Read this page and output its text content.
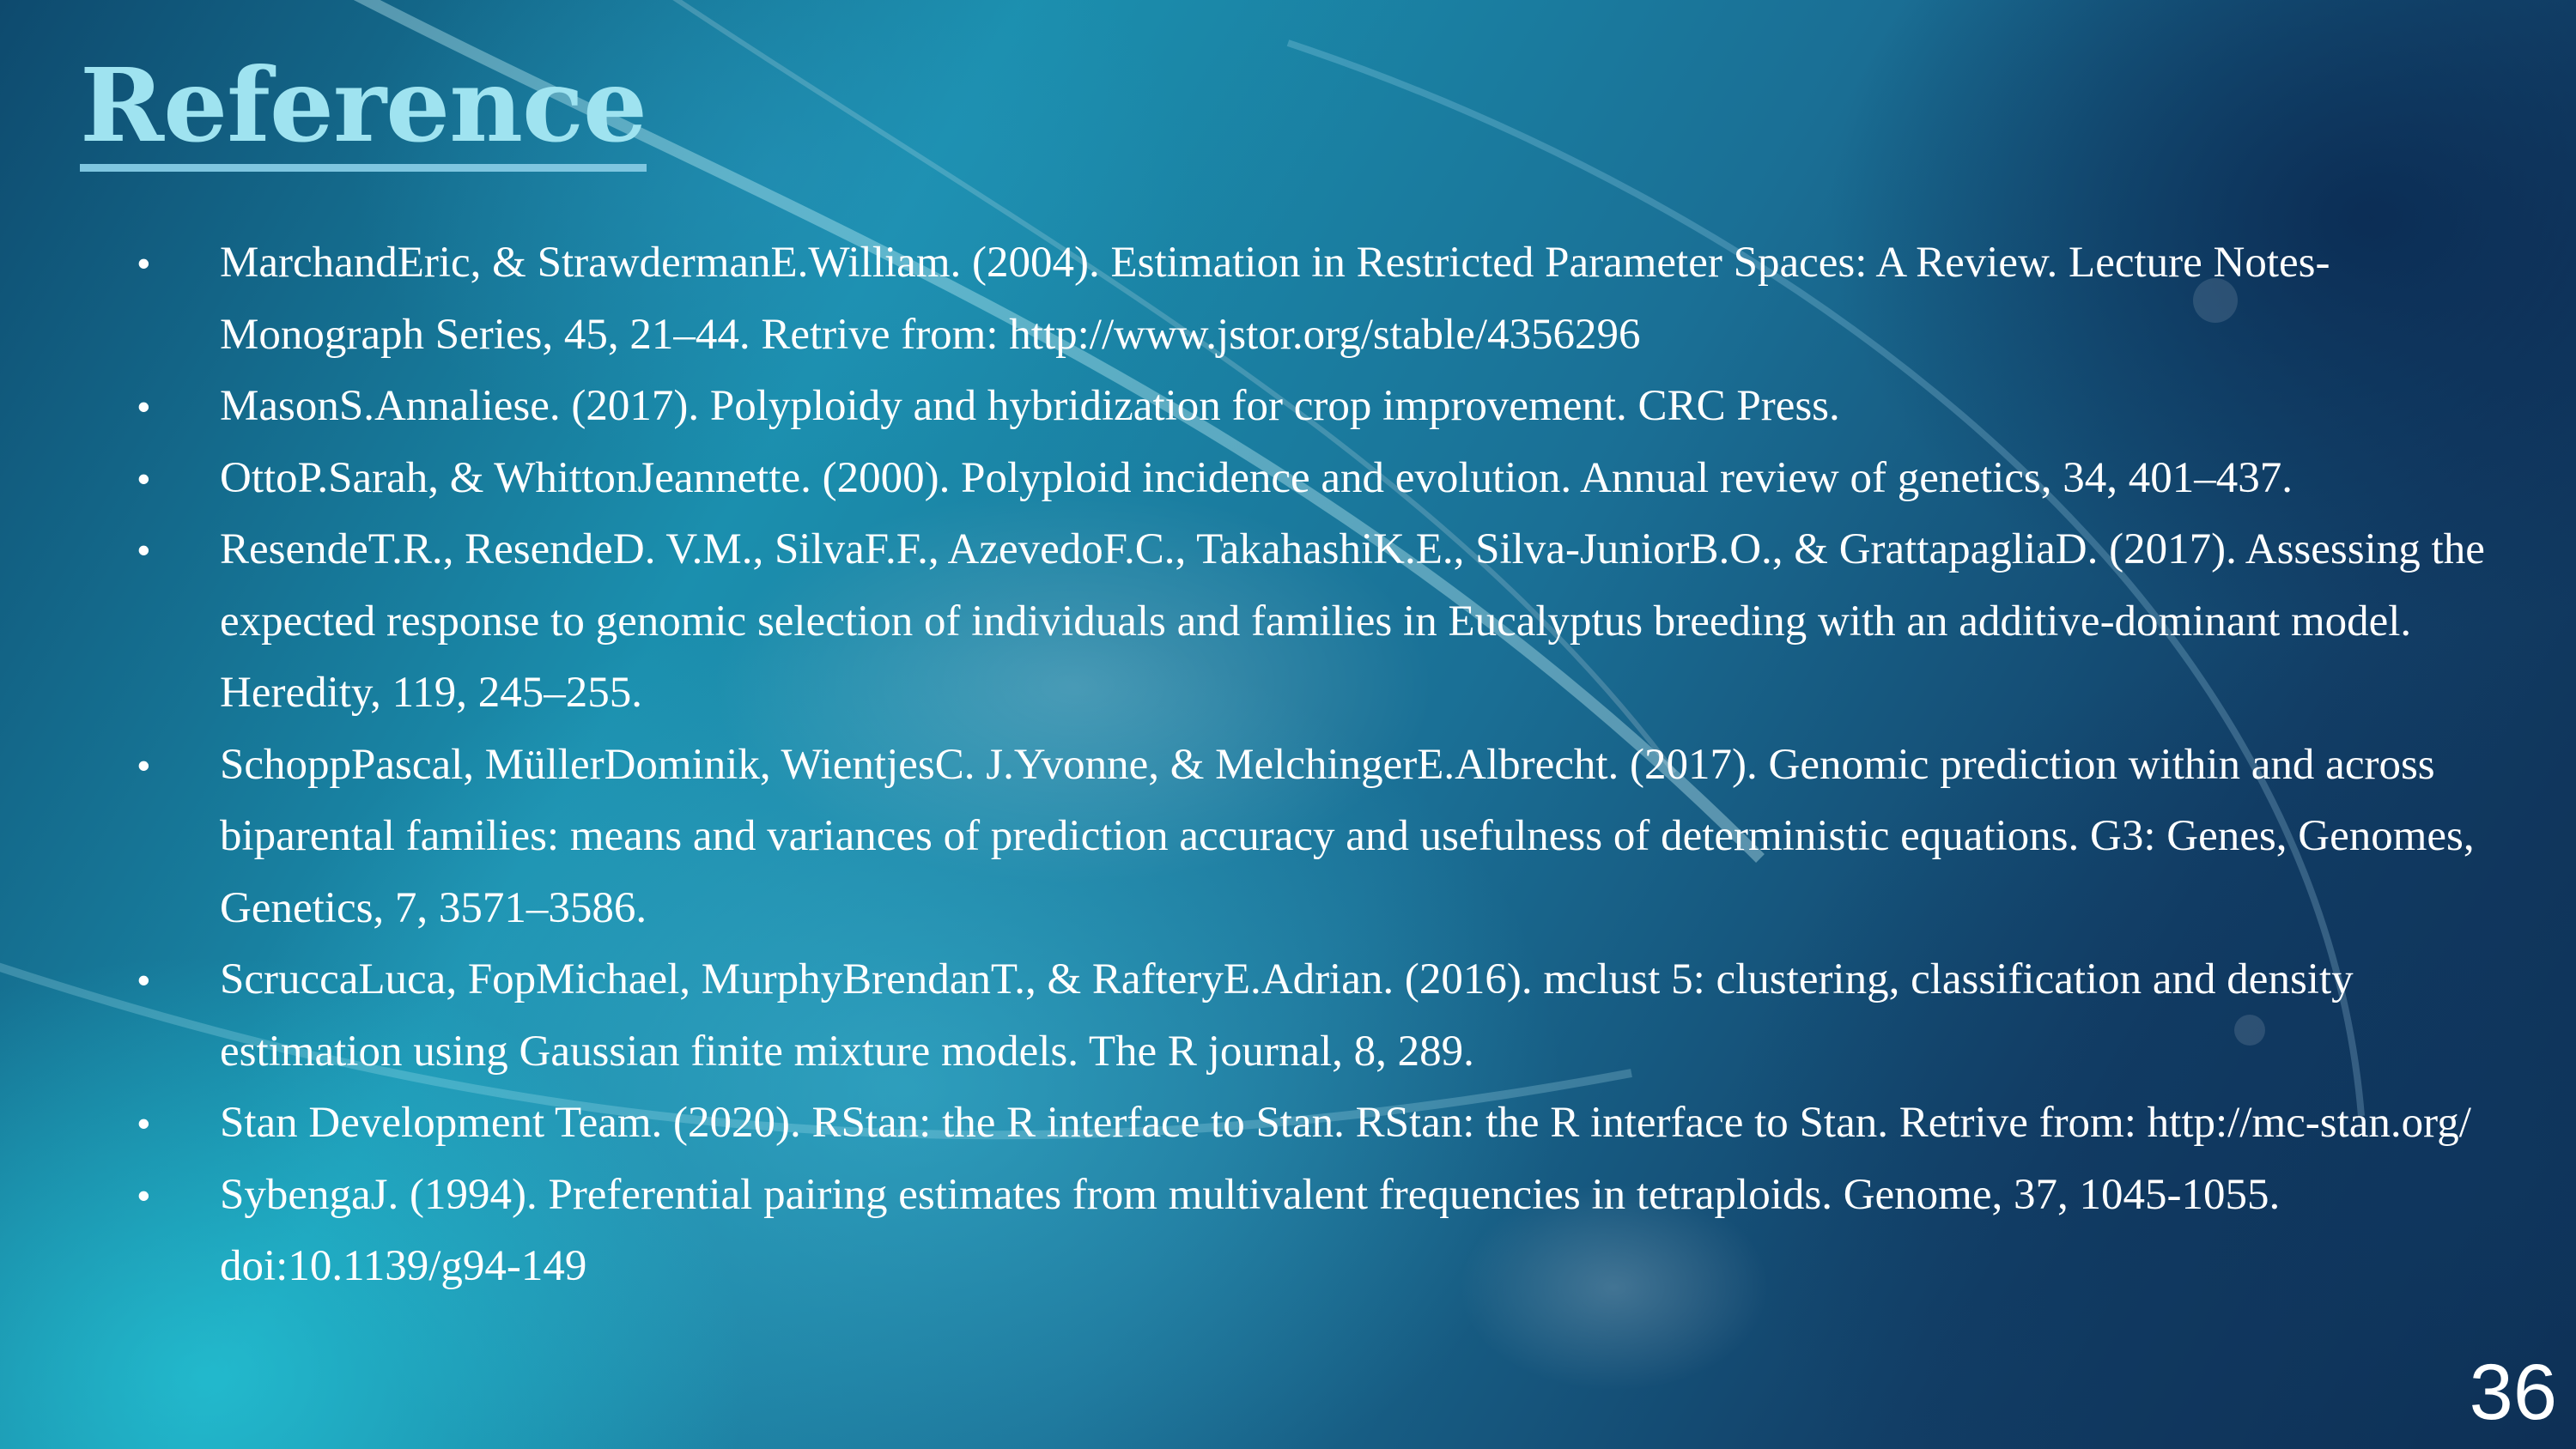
Reference
• MarchandEric, & StrawdermanE.William. (2004). Estimation in Restricted Parameter Spaces: A Review. Lecture Notes-Monograph Series, 45, 21–44. Retrive from: http://www.jstor.org/stable/4356296
• MasonS.Annaliese. (2017). Polyploidy and hybridization for crop improvement. CRC Press.
• OttoP.Sarah, & WhittonJeannette. (2000). Polyploid incidence and evolution. Annual review of genetics, 34, 401–437.
• ResendeT.R., ResendeD. V.M., SilvaF.F., AzevedoF.C., TakahashiK.E., Silva-JuniorB.O., & GrattapagliaD. (2017). Assessing the expected response to genomic selection of individuals and families in Eucalyptus breeding with an additive-dominant model. Heredity, 119, 245–255.
• SchoppPascal, MüllerDominik, WientjesC. J.Yvonne, & MelchingerE.Albrecht. (2017). Genomic prediction within and across biparental families: means and variances of prediction accuracy and usefulness of deterministic equations. G3: Genes, Genomes, Genetics, 7, 3571–3586.
• ScruccaLuca, FopMichael, MurphyBrendanT., & RafteryE.Adrian. (2016). mclust 5: clustering, classification and density estimation using Gaussian finite mixture models. The R journal, 8, 289.
• Stan Development Team. (2020). RStan: the R interface to Stan. RStan: the R interface to Stan. Retrive from: http://mc-stan.org/
• SybengaJ. (1994). Preferential pairing estimates from multivalent frequencies in tetraploids. Genome, 37, 1045-1055. doi:10.1139/g94-149
36
